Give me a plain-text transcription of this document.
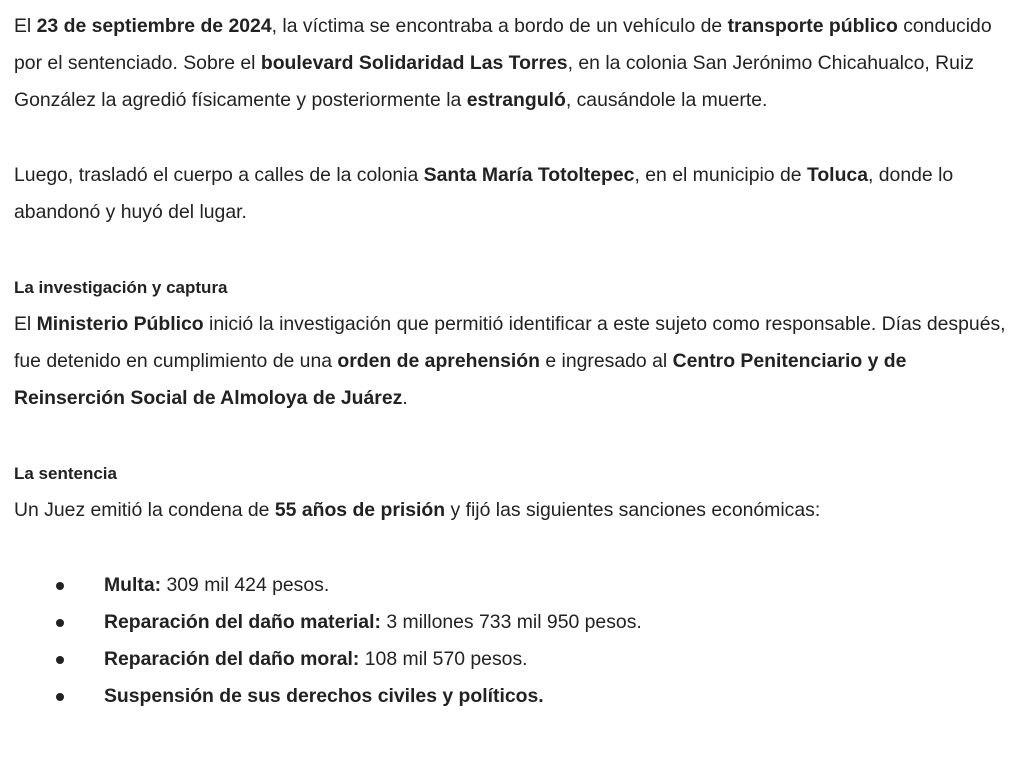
El 23 de septiembre de 2024, la víctima se encontraba a bordo de un vehículo de transporte público conducido por el sentenciado. Sobre el boulevard Solidaridad Las Torres, en la colonia San Jerónimo Chicahualco, Ruiz González la agredió físicamente y posteriormente la estranguló, causándole la muerte.

Luego, trasladó el cuerpo a calles de la colonia Santa María Totoltepec, en el municipio de Toluca, donde lo abandonó y huyó del lugar.

La investigación y captura

El Ministerio Público inició la investigación que permitió identificar a este sujeto como responsable. Días después, fue detenido en cumplimiento de una orden de aprehensión e ingresado al Centro Penitenciario y de Reinserción Social de Almoloya de Juárez.

La sentencia

Un Juez emitió la condena de 55 años de prisión y fijó las siguientes sanciones económicas:

Multa: 309 mil 424 pesos.
Reparación del daño material: 3 millones 733 mil 950 pesos.
Reparación del daño moral: 108 mil 570 pesos.
Suspensión de sus derechos civiles y políticos.
